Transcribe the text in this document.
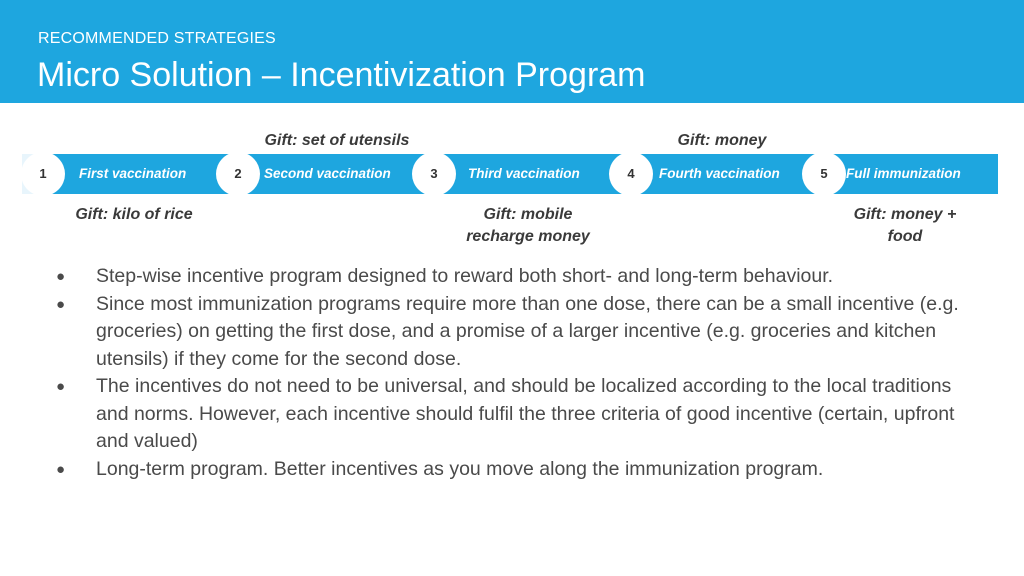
RECOMMENDED STRATEGIES
Micro Solution – Incentivization Program
Gift: set of utensils	Gift: money
First vaccination	Second vaccination	Third vaccination	Fourth vaccination	Full immunization
1	2	3	4	5
Gift: kilo of rice	Gift: mobile recharge money
Gift: money + food
● Step-wise incentive program designed to reward both short- and long-term behaviour.
● Since most immunization programs require more than one dose, there can be a small incentive (e.g. groceries) on getting the first dose, and a promise of a larger incentive (e.g. groceries and kitchen utensils) if they come for the second dose.
● The incentives do not need to be universal, and should be localized according to the local traditions and norms. However, each incentive should fulfil the three criteria of good incentive (certain, upfront and valued)
● Long-term program. Better incentives as you move along the immunization program.
